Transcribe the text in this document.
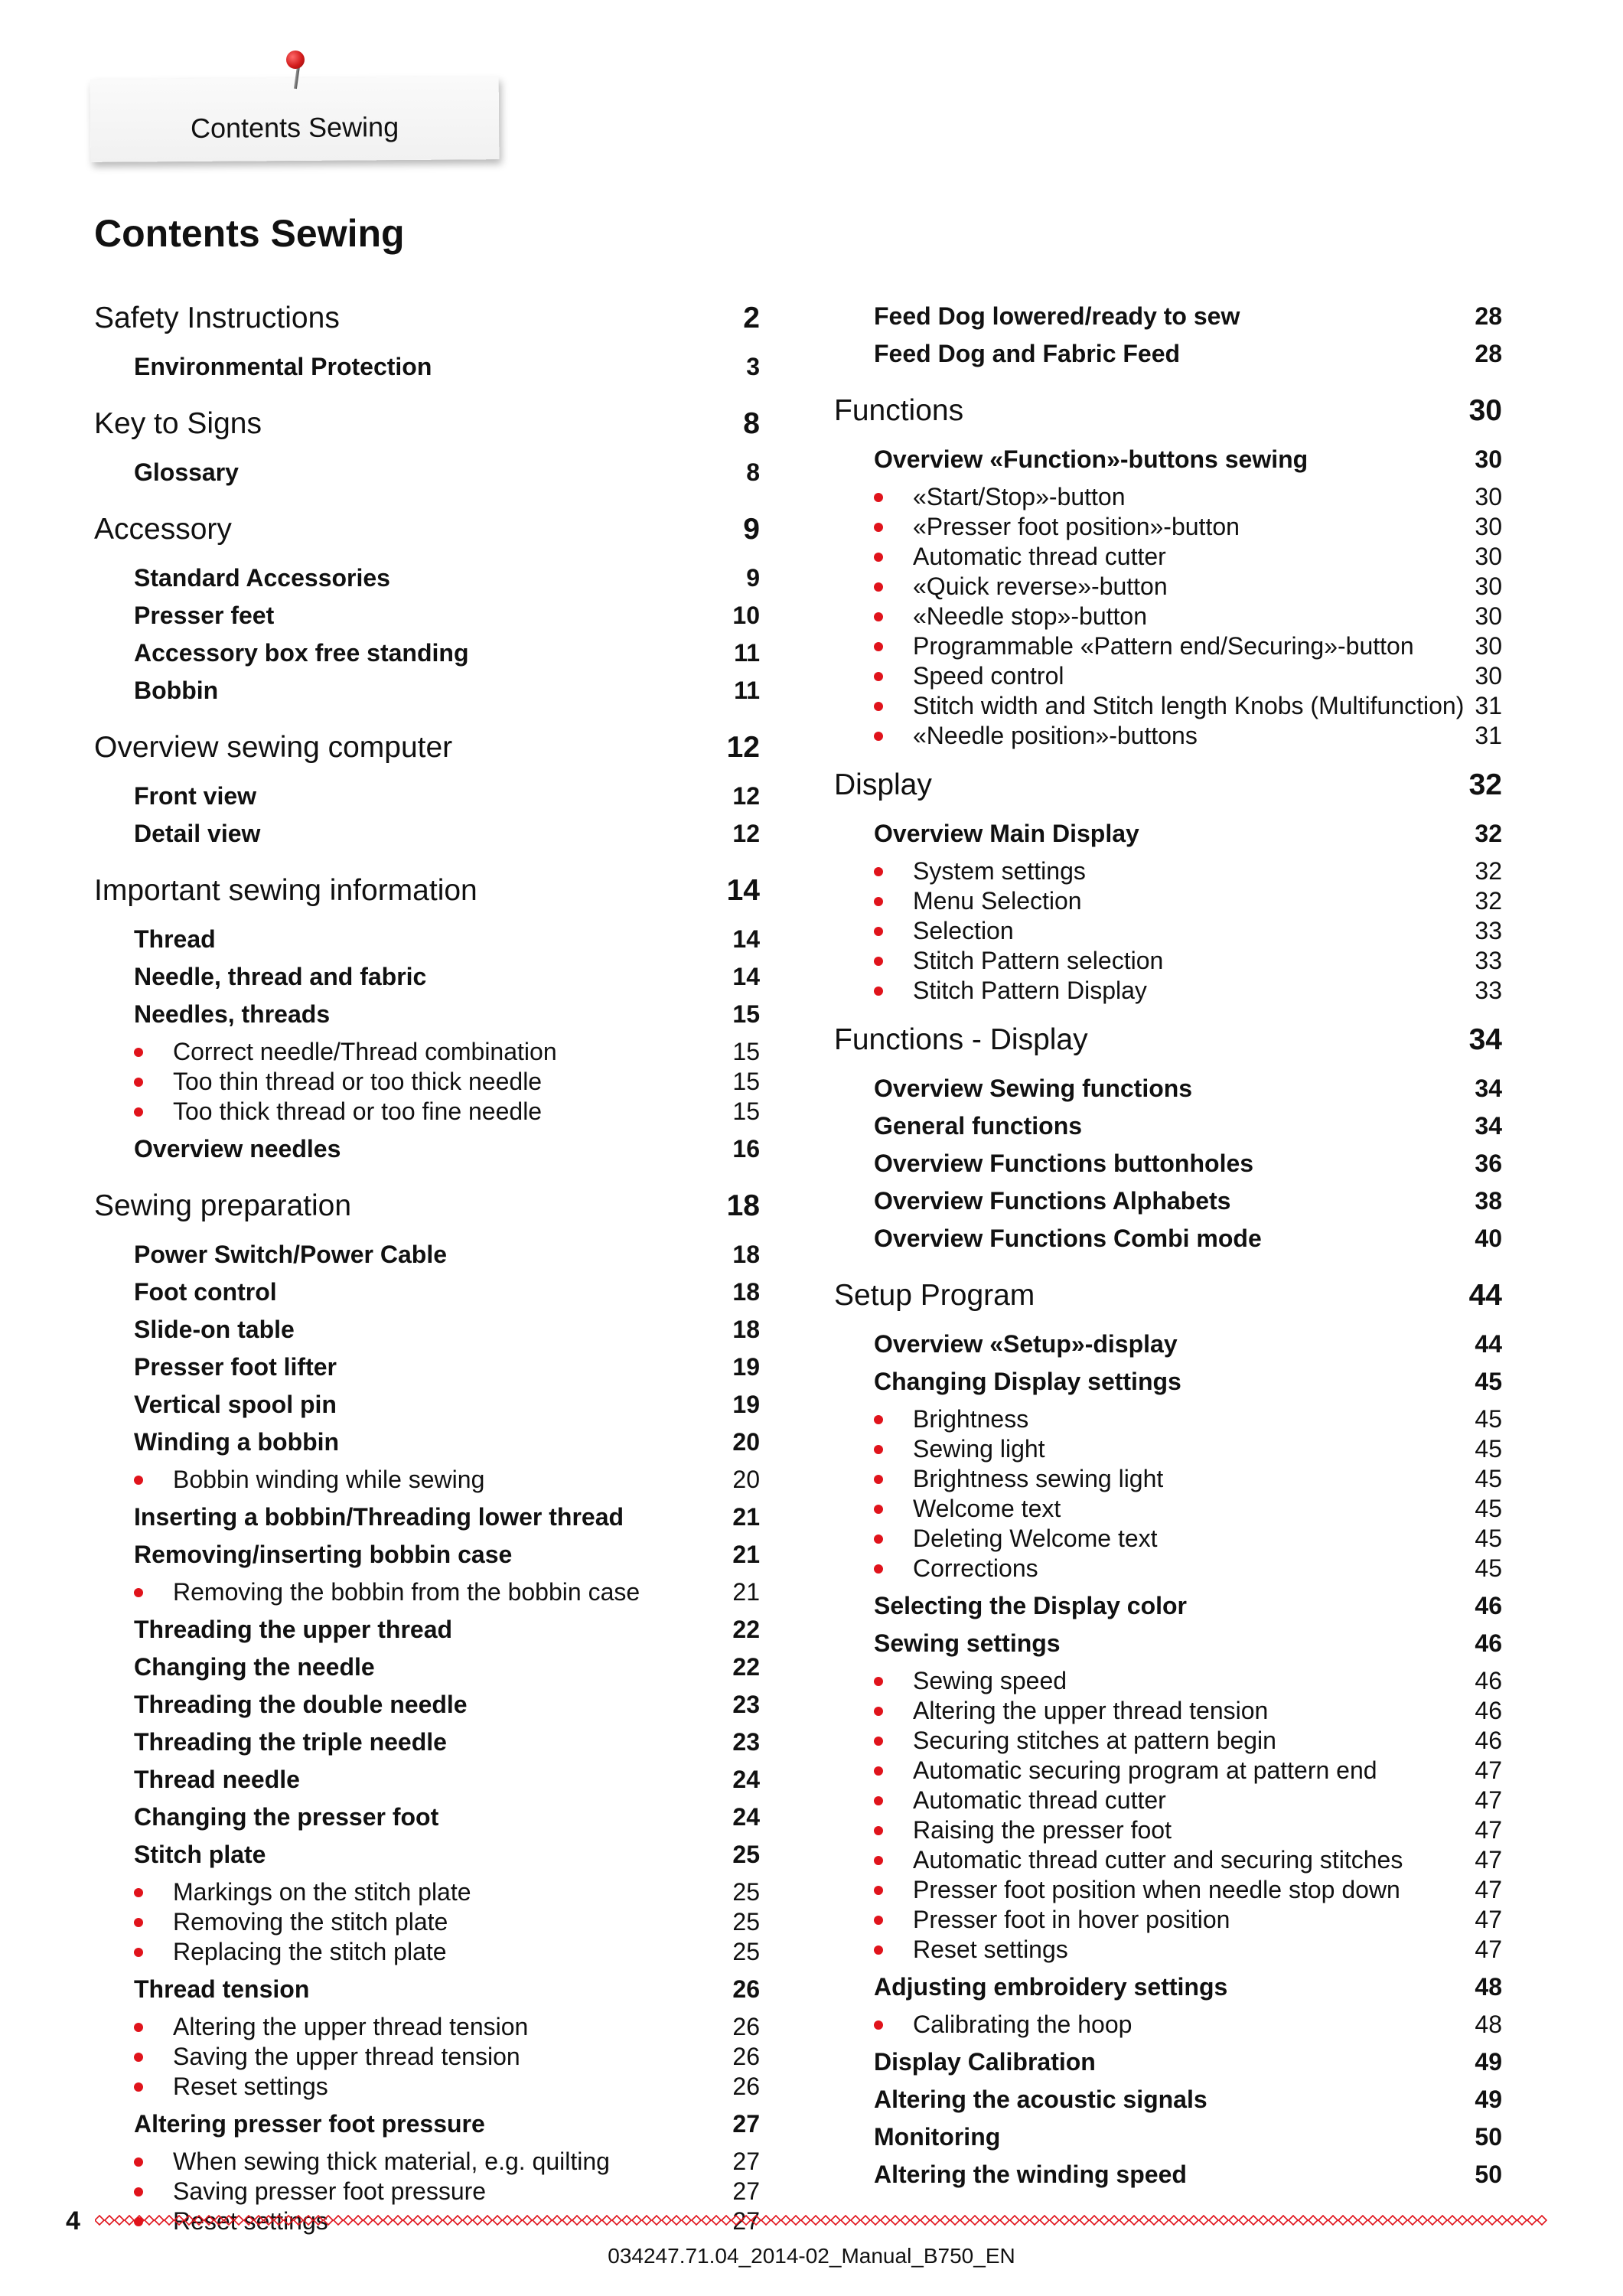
Contents Sewing
Contents Sewing
Safety Instructions	2
Environmental Protection	3
Key to Signs	8
Glossary	8
Accessory	9
Standard Accessories	9
Presser feet	10
Accessory box free standing	11
Bobbin	11
Overview sewing computer	12
Front view	12
Detail view	12
Important sewing information	14
Thread	14
Needle, thread and fabric	14
Needles, threads	15
Correct needle/Thread combination	15
Too thin thread or too thick needle	15
Too thick thread or too fine needle	15
Overview needles	16
Sewing preparation	18
Power Switch/Power Cable	18
Foot control	18
Slide-on table	18
Presser foot lifter	19
Vertical spool pin	19
Winding a bobbin	20
Bobbin winding while sewing	20
Inserting a bobbin/Threading lower thread	21
Removing/inserting bobbin case	21
Removing the bobbin from the bobbin case	21
Threading the upper thread	22
Changing the needle	22
Threading the double needle	23
Threading the triple needle	23
Thread needle	24
Changing the presser foot	24
Stitch plate	25
Markings on the stitch plate	25
Removing the stitch plate	25
Replacing the stitch plate	25
Thread tension	26
Altering the upper thread tension	26
Saving the upper thread tension	26
Reset settings	26
Altering presser foot pressure	27
When sewing thick material, e.g. quilting	27
Saving presser foot pressure	27
Reset settings	27
Feed Dog lowered/ready to sew	28
Feed Dog and Fabric Feed	28
Functions	30
Overview «Function»-buttons sewing	30
«Start/Stop»-button	30
«Presser foot position»-button	30
Automatic thread cutter	30
«Quick reverse»-button	30
«Needle stop»-button	30
Programmable «Pattern end/Securing»-button 30
Speed control	30
Stitch width and Stitch length Knobs (Multifunction) 31
«Needle position»-buttons	31
Display	32
Overview Main Display	32
System settings	32
Menu Selection	32
Selection	33
Stitch Pattern selection	33
Stitch Pattern Display	33
Functions - Display	34
Overview Sewing functions	34
General functions	34
Overview Functions buttonholes	36
Overview Functions Alphabets	38
Overview Functions Combi mode	40
Setup Program	44
Overview «Setup»-display	44
Changing Display settings	45
Brightness	45
Sewing light	45
Brightness sewing light	45
Welcome text	45
Deleting Welcome text	45
Corrections	45
Selecting the Display color	46
Sewing settings	46
Sewing speed	46
Altering the upper thread tension	46
Securing stitches at pattern begin	46
Automatic securing program at pattern end	47
Automatic thread cutter	47
Raising the presser foot	47
Automatic thread cutter and securing stitches	47
Presser foot position when needle stop down	47
Presser foot in hover position	47
Reset settings	47
Adjusting embroidery settings	48
Calibrating the hoop	48
Display Calibration	49
Altering the acoustic signals	49
Monitoring	50
Altering the winding speed	50
4
034247.71.04_2014-02_Manual_B750_EN
